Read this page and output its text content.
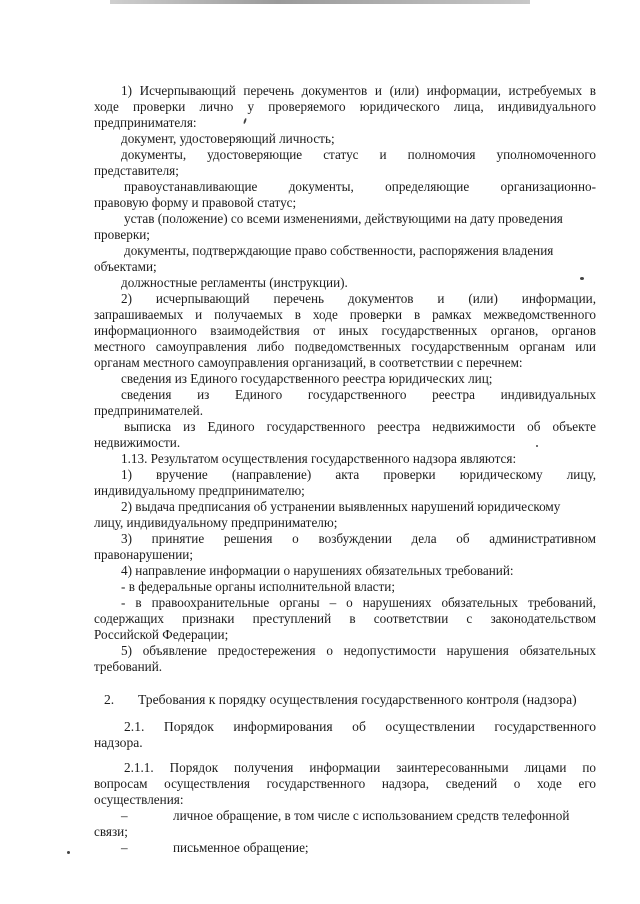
1) Исчерпывающий перечень документов и (или) информации, истребуемых в
ходе проверки лично у проверяемого юридического лица, индивидуального
предпринимателя:
документ, удостоверяющий личность;
документы, удостоверяющие статус и полномочия уполномоченного
представителя;
правоустанавливающие документы, определяющие организационно-
правовую форму и правовой статус;
устав (положение) со всеми изменениями, действующими на дату проведения
проверки;
документы, подтверждающие право собственности, распоряжения владения
объектами;
должностные регламенты (инструкции).
2) исчерпывающий перечень документов и (или) информации,
запрашиваемых и получаемых в ходе проверки в рамках межведомственного
информационного взаимодействия от иных государственных органов, органов
местного самоуправления либо подведомственных государственным органам или
органам местного самоуправления организаций, в соответствии с перечнем:
сведения из Единого государственного реестра юридических лиц;
сведения из Единого государственного реестра индивидуальных
предпринимателей.
выписка из Единого государственного реестра недвижимости об объекте
недвижимости.
1.13. Результатом осуществления государственного надзора являются:
1) вручение (направление) акта проверки юридическому лицу,
индивидуальному предпринимателю;
2) выдача предписания об устранении выявленных нарушений юридическому
лицу, индивидуальному предпринимателю;
3) принятие решения о возбуждении дела об административном
правонарушении;
4) направление информации о нарушениях обязательных требований:
- в федеральные органы исполнительной власти;
- в правоохранительные органы – о нарушениях обязательных требований,
содержащих признаки преступлений в соответствии с законодательством
Российской Федерации;
5) объявление предостережения о недопустимости нарушения обязательных
требований.
2. Требования к порядку осуществления государственного контроля (надзора)
2.1. Порядок информирования об осуществлении государственного
надзора.
2.1.1. Порядок получения информации заинтересованными лицами по
вопросам осуществления государственного надзора, сведений о ходе его
осуществления:
–	личное обращение, в том числе с использованием средств телефонной
связи;
–	письменное обращение;
